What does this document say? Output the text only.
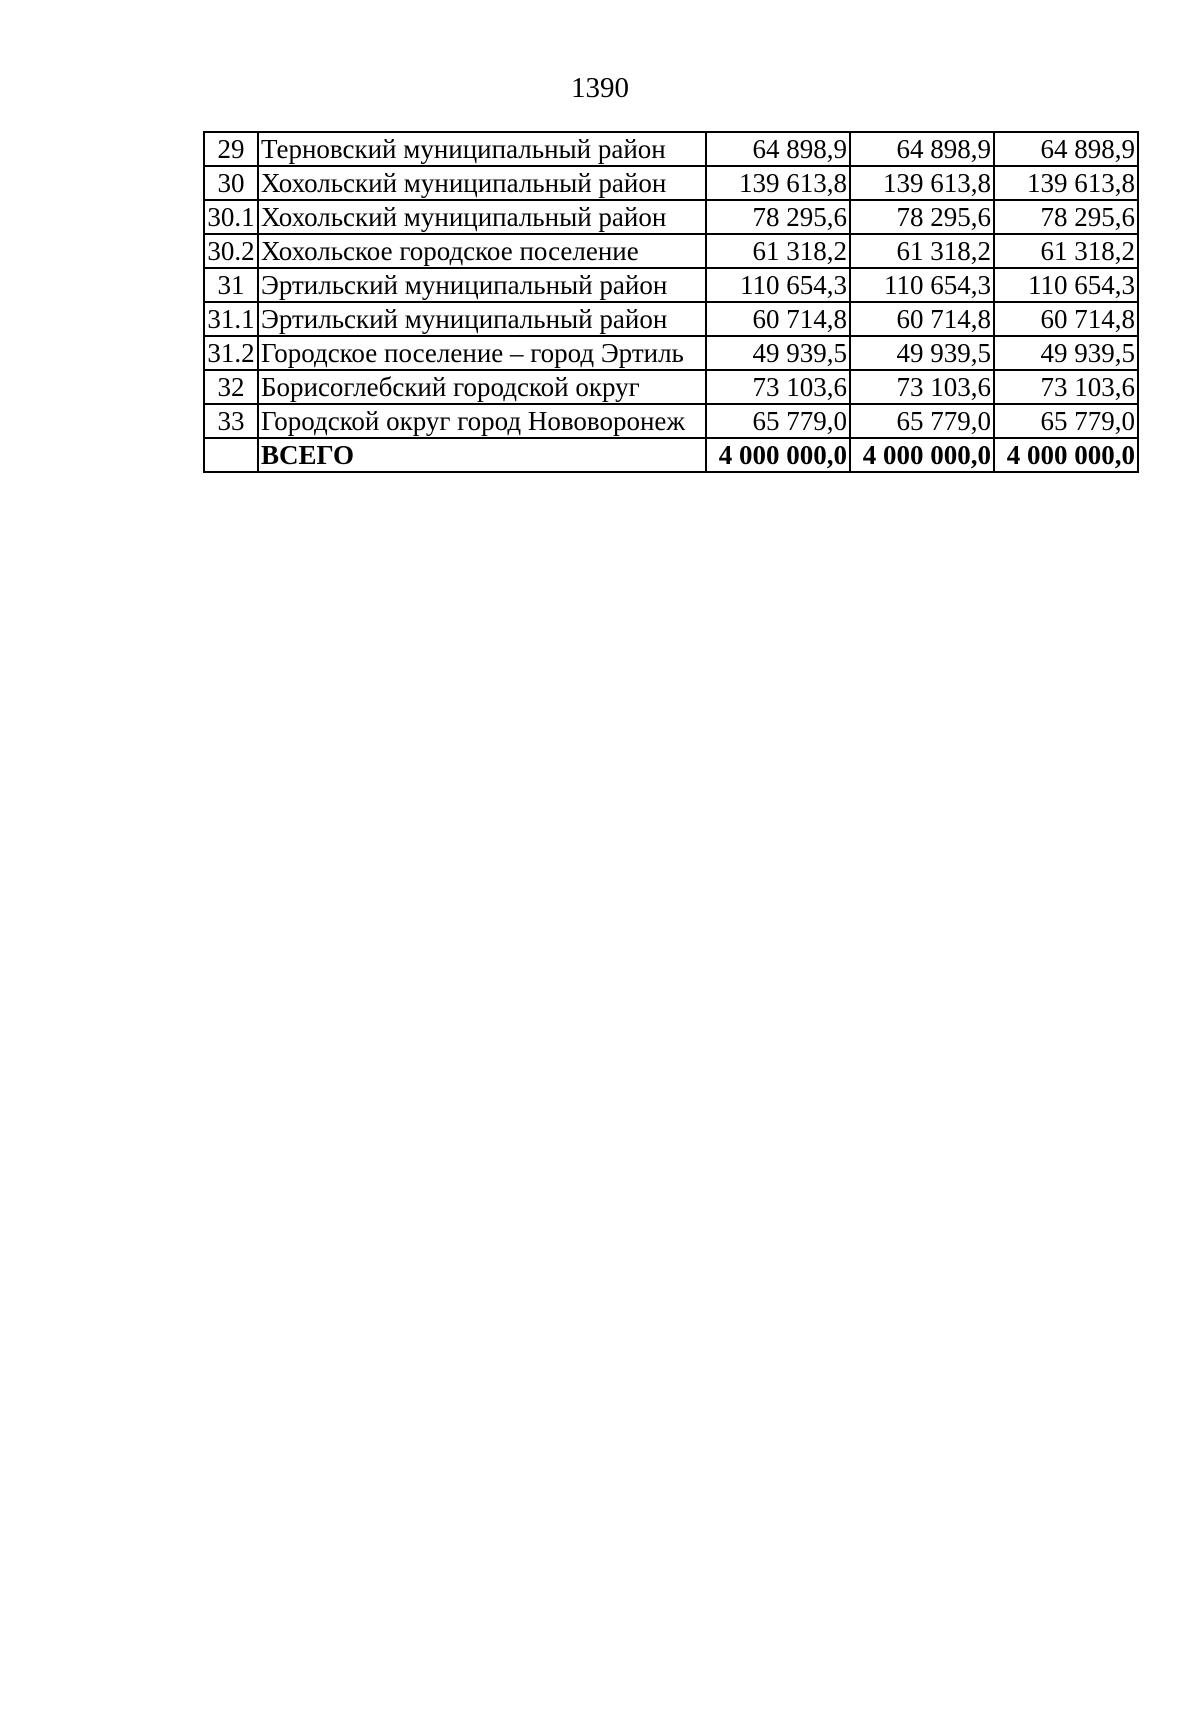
1390
29	Терновский муниципальный район	64 898,9	64 898,9	64 898,9
30	Хохольский муниципальный район	139 613,8	139 613,8	139 613,8
30.1	Хохольский муниципальный район	78 295,6	78 295,6	78 295,6
30.2	Хохольское городское поселение	61 318,2	61 318,2	61 318,2
31	Эртильский муниципальный район	110 654,3	110 654,3	110 654,3
31.1	Эртильский муниципальный район	60 714,8	60 714,8	60 714,8
31.2	Городское поселение – город Эртиль	49 939,5	49 939,5	49 939,5
32	Борисоглебский городской округ	73 103,6	73 103,6	73 103,6
33	Городской округ город Нововоронеж	65 779,0	65 779,0	65 779,0
	ВСЕГО	4 000 000,0	4 000 000,0	4 000 000,0
